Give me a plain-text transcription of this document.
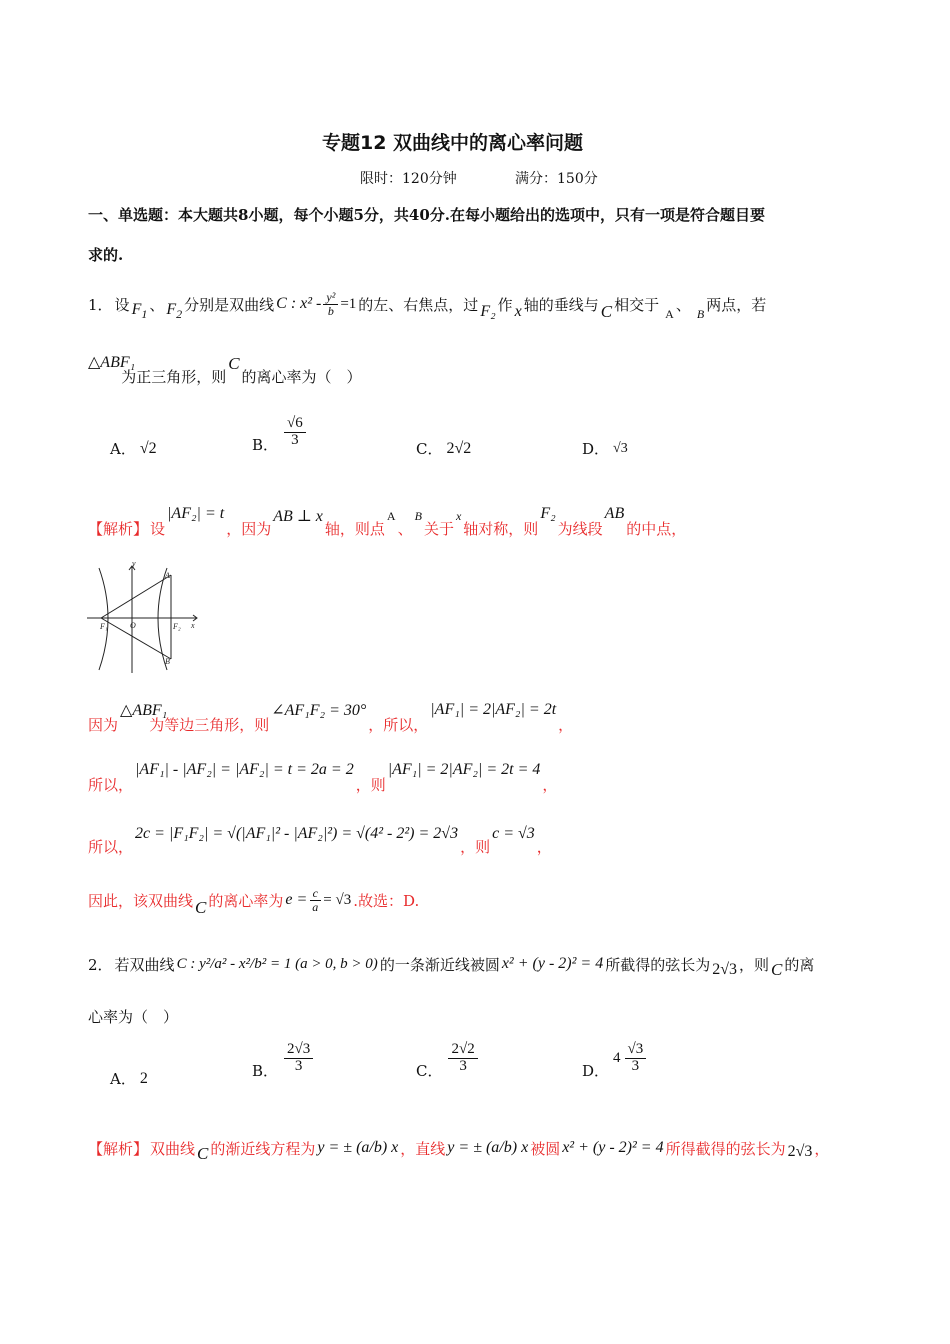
专题12 双曲线中的离心率问题
限时：120分钟	满分：150分
一、单选题：本大题共8小题，每个小题5分，共40分.在每小题给出的选项中，只有一项是符合题目要
求的.
1． 设 $F_1$
、 $F_2$
分别是双曲线 C : $x^2 - \frac{\text{y²}}{b} =1$ 的左、右焦点，过 F₂ 作 x 轴的垂线与 C 相交于 A 、 B 两点，若
△ABF₁
为正三角形，则
C
的离心率为（　）
A． √2	B． $\frac{√6}{3}$
C． 2√2	D． √3
【解析】 设
|AF₂| = t
，因为
AB ⊥ x
轴，则点
A
、
B
关于
x
轴对称，则
F₂
为线段
AB
的中点，
y
x
O
F₁	F₂
A
B
因为
△ABF₁
为等边三角形，则
∠AF₁F₂ = 30°
，所以，
|AF₁| = 2|AF₂| = 2t
，
所以，
|AF₁| - |AF₂| = |AF₂| = t = 2a = 2
，则
|AF₁| = 2|AF₂| = 2t = 4
，
所以，
2c = |F₁F₂| = √(|AF₁|² - |AF₂|²) = √(4² - 2²) = 2√3
，则
c = √3
，
因此，该双曲线 C 的离心率为 $e = \frac{c}{a} = √3$ .故选：D.
2． 若双曲线 C : y²/a² - x²/b² = 1 (a > 0, b > 0) 的一条渐近线被圆 x² + (y - 2)² = 4 所截得的弦长为 2√3 ，则 C 的离
心率为（　）
A． 2	B． $\frac{2√3}{3}$	C． $\frac{2√2}{3}$	D．
$4 \frac{√3}{3}$
【解析】 双曲线 C 的渐近线方程为 y = ± (a/b) x ，直线 y = ± (a/b) x 被圆 x² + (y - 2)² = 4 所得截得的弦长为 2√3 ，
